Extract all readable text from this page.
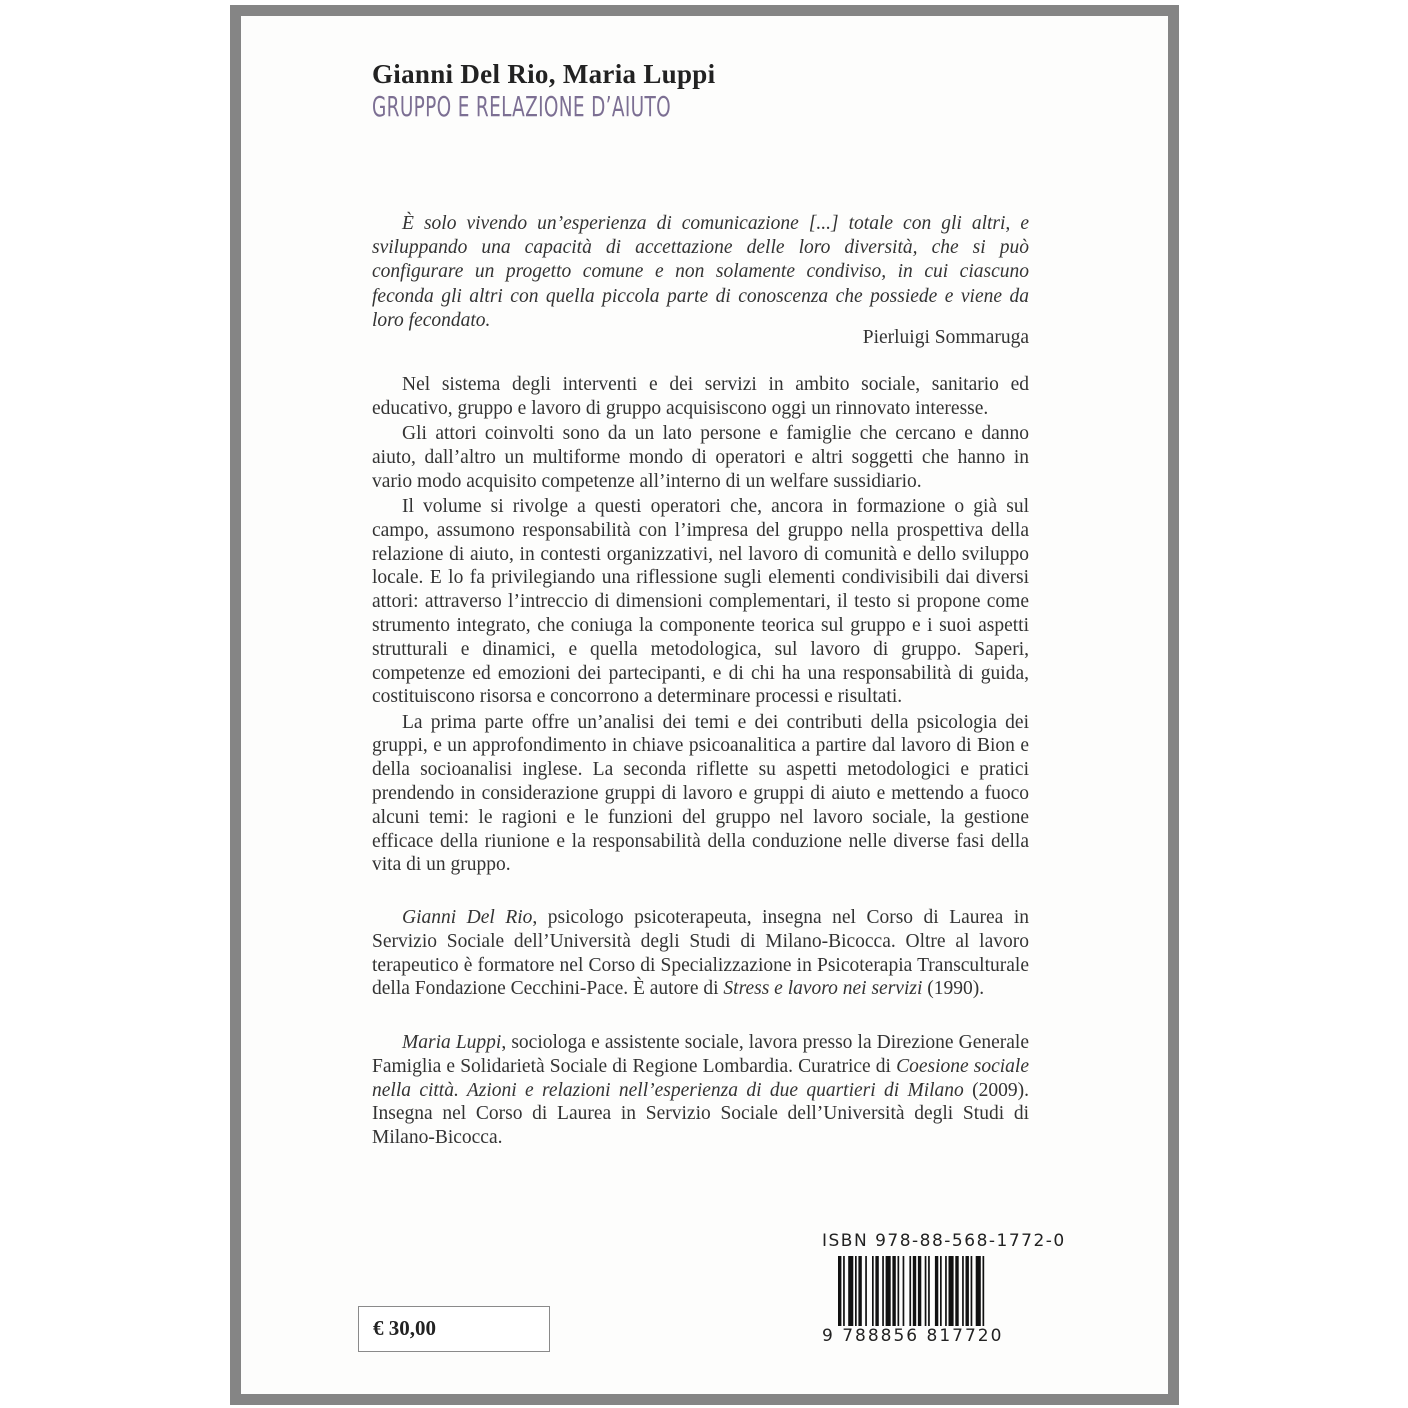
Gianni Del Rio, Maria Luppi
GRUPPO E RELAZIONE D’AIUTO

È solo vivendo un’esperienza di comunicazione [...] totale con gli altri, e sviluppando una capacità di accettazione delle loro diversità, che si può configurare un progetto comune e non solamente condiviso, in cui ciascuno feconda gli altri con quella piccola parte di conoscenza che possiede e viene da loro fecondato.

Pierluigi Sommaruga

Nel sistema degli interventi e dei servizi in ambito sociale, sanitario ed educativo, gruppo e lavoro di gruppo acquisiscono oggi un rinnovato interesse.

Gli attori coinvolti sono da un lato persone e famiglie che cercano e danno aiuto, dall’altro un multiforme mondo di operatori e altri soggetti che hanno in vario modo acquisito competenze all’interno di un welfare sussidiario.

Il volume si rivolge a questi operatori che, ancora in formazione o già sul campo, assumono responsabilità con l’impresa del gruppo nella prospettiva della relazione di aiuto, in contesti organizzativi, nel lavoro di comunità e dello sviluppo locale. E lo fa privilegiando una riflessione sugli elementi condivisibili dai diversi attori: attraverso l’intreccio di dimensioni complementari, il testo si propone come strumento integrato, che coniuga la componente teorica sul gruppo e i suoi aspetti strutturali e dinamici, e quella metodologica, sul lavoro di gruppo. Saperi, competenze ed emozioni dei partecipanti, e di chi ha una responsabilità di guida, costituiscono risorsa e concorrono a determinare processi e risultati.

La prima parte offre un’analisi dei temi e dei contributi della psicologia dei gruppi, e un approfondimento in chiave psicoanalitica a partire dal lavoro di Bion e della socioanalisi inglese. La seconda riflette su aspetti metodologici e pratici prendendo in considerazione gruppi di lavoro e gruppi di aiuto e mettendo a fuoco alcuni temi: le ragioni e le funzioni del gruppo nel lavoro sociale, la gestione efficace della riunione e la responsabilità della conduzione nelle diverse fasi della vita di un gruppo.

Gianni Del Rio, psicologo psicoterapeuta, insegna nel Corso di Laurea in Servizio Sociale dell’Università degli Studi di Milano-Bicocca. Oltre al lavoro terapeutico è formatore nel Corso di Specializzazione in Psicoterapia Transculturale della Fondazione Cecchini-Pace. È autore di Stress e lavoro nei servizi (1990).

Maria Luppi, sociologa e assistente sociale, lavora presso la Direzione Generale Famiglia e Solidarietà Sociale di Regione Lombardia. Curatrice di Coesione sociale nella città. Azioni e relazioni nell’esperienza di due quartieri di Milano (2009). Insegna nel Corso di Laurea in Servizio Sociale dell’Università degli Studi di Milano-Bicocca.

ISBN 978-88-568-1772-0
9 788856 817720
€ 30,00
